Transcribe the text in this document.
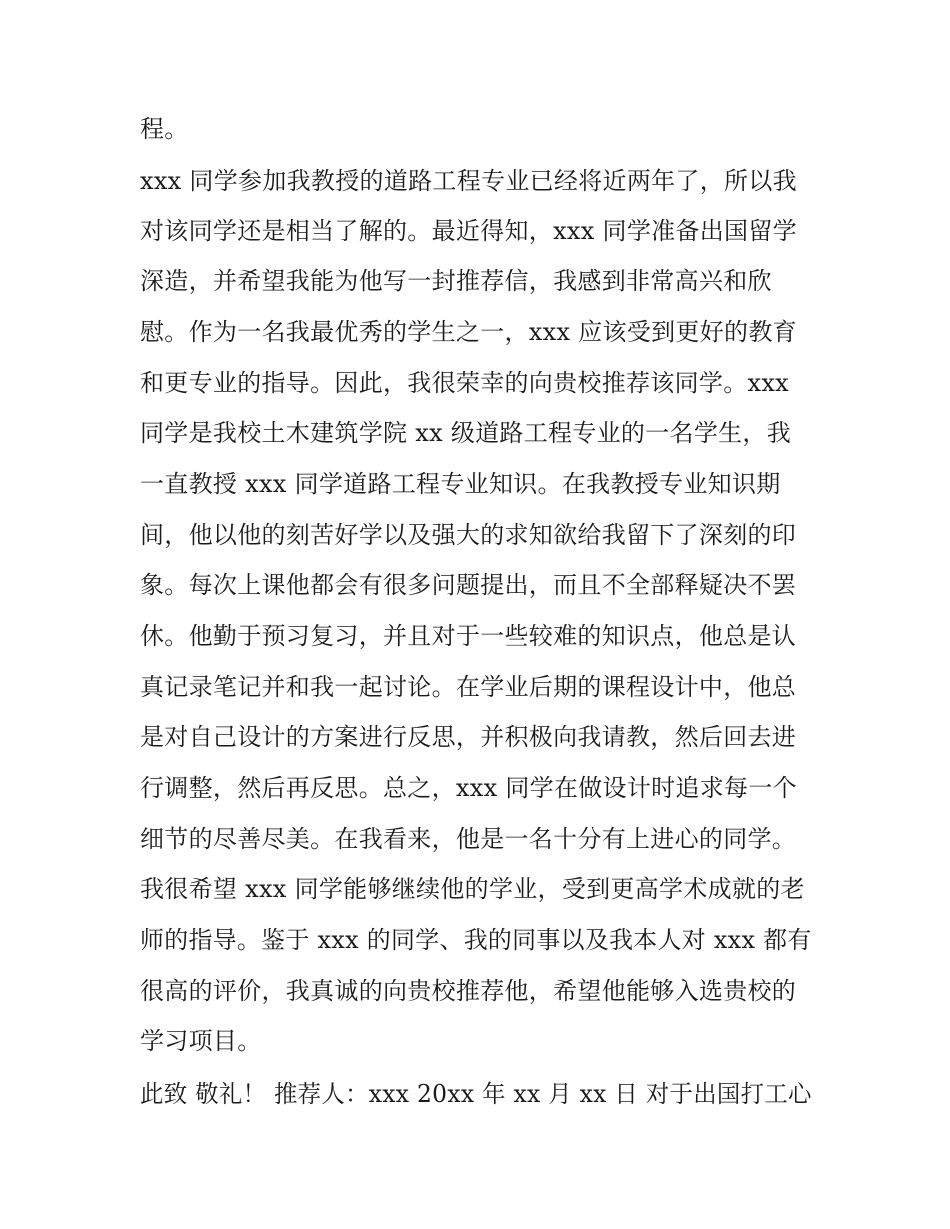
程。
xxx 同学参加我教授的道路工程专业已经将近两年了，所以我
对该同学还是相当了解的。最近得知，xxx 同学准备出国留学
深造，并希望我能为他写一封推荐信，我感到非常高兴和欣
慰。作为一名我最优秀的学生之一，xxx 应该受到更好的教育
和更专业的指导。因此，我很荣幸的向贵校推荐该同学。xxx
同学是我校土木建筑学院 xx 级道路工程专业的一名学生，我
一直教授 xxx 同学道路工程专业知识。在我教授专业知识期
间，他以他的刻苦好学以及强大的求知欲给我留下了深刻的印
象。每次上课他都会有很多问题提出，而且不全部释疑决不罢
休。他勤于预习复习，并且对于一些较难的知识点，他总是认
真记录笔记并和我一起讨论。在学业后期的课程设计中，他总
是对自己设计的方案进行反思，并积极向我请教，然后回去进
行调整，然后再反思。总之，xxx 同学在做设计时追求每一个
细节的尽善尽美。在我看来，他是一名十分有上进心的同学。
我很希望 xxx 同学能够继续他的学业，受到更高学术成就的老
师的指导。鉴于 xxx 的同学、我的同事以及我本人对 xxx 都有
很高的评价，我真诚的向贵校推荐他，希望他能够入选贵校的
学习项目。
此致 敬礼！ 推荐人：xxx 20xx 年 xx 月 xx 日 对于出国打工心
